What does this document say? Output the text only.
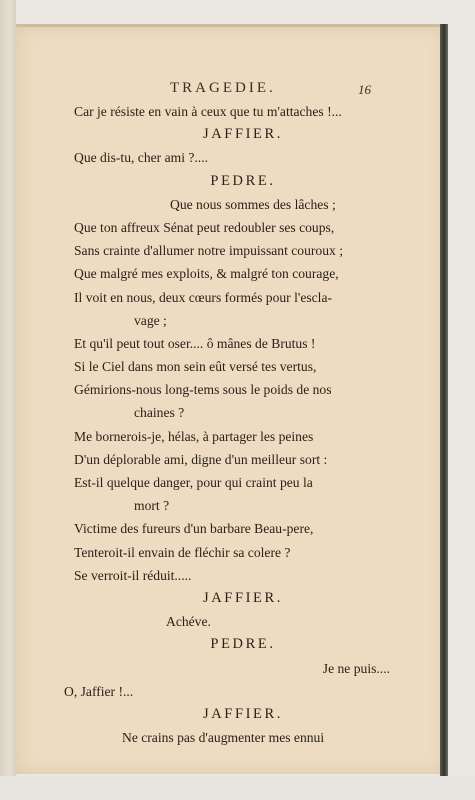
TRAGEDIE.	16
Car je résiste en vain à ceux que tu m'attaches !...
JAFFIER.
Que dis-tu, cher ami ?....
PEDRE.
Que nous sommes des lâches ;
Que ton affreux Sénat peut redoubler ses coups,
Sans crainte d'allumer notre impuissant couroux ;
Que malgré mes exploits, & malgré ton courage,
Il voit en nous, deux cœurs formés pour l'escla-
vage ;
Et qu'il peut tout oser.... ô mânes de Brutus !
Si le Ciel dans mon sein eût versé tes vertus,
Gémirions-nous long-tems sous le poids de nos
chaines ?
Me bornerois-je, hélas, à partager les peines
D'un déplorable ami, digne d'un meilleur sort :
Est-il quelque danger, pour qui craint peu la
mort ?
Victime des fureurs d'un barbare Beau-pere,
Tenteroit-il envain de fléchir sa colere ?
Se verroit-il réduit.....
JAFFIER.
Achéve.
PEDRE.
Je ne puis....
O, Jaffier !...
JAFFIER.
Ne crains pas d'augmenter mes ennui
